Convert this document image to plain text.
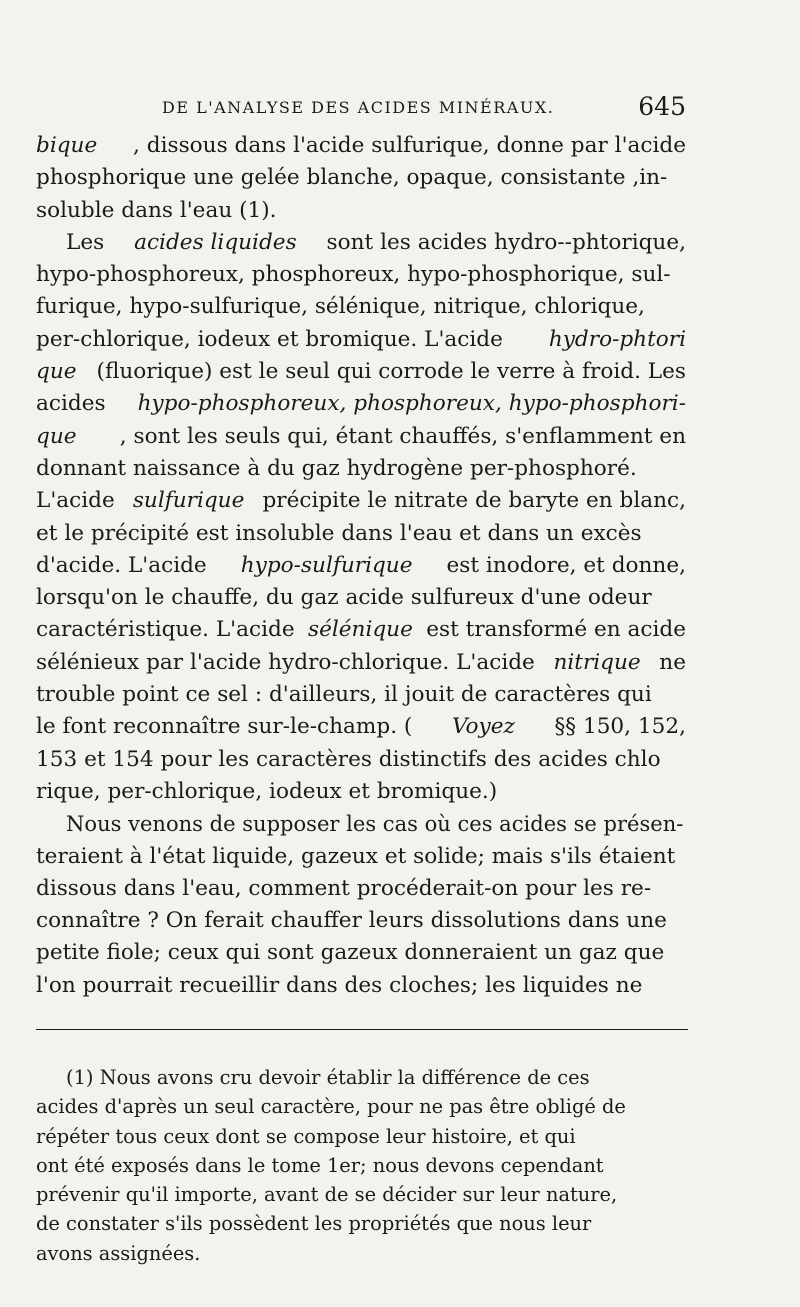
DE L'ANALYSE DES ACIDES MINÉRAUX.	645
bique , dissous dans l'acide sulfurique, donne par l'acide
phosphorique une gelée blanche, opaque, consistante ,in-
soluble dans l'eau (1).
Les acides liquides sont les acides hydro--phtorique,
hypo-phosphoreux, phosphoreux, hypo-phosphorique, sul-
furique, hypo-sulfurique, sélénique, nitrique, chlorique,
per-chlorique, iodeux et bromique. L'acide hydro-phtori
que (fluorique) est le seul qui corrode le verre à froid. Les
acides hypo-phosphoreux, phosphoreux, hypo-phosphori-
que , sont les seuls qui, étant chauffés, s'enflamment en
donnant naissance à du gaz hydrogène per-phosphoré.
L'acide sulfurique précipite le nitrate de baryte en blanc,
et le précipité est insoluble dans l'eau et dans un excès
d'acide. L'acide hypo-sulfurique est inodore, et donne,
lorsqu'on le chauffe, du gaz acide sulfureux d'une odeur
caractéristique. L'acide sélénique est transformé en acide
sélénieux par l'acide hydro-chlorique. L'acide nitrique ne
trouble point ce sel : d'ailleurs, il jouit de caractères qui
le font reconnaître sur-le-champ. ( Voyez §§ 150, 152,
153 et 154 pour les caractères distinctifs des acides chlo
rique, per-chlorique, iodeux et bromique.)
Nous venons de supposer les cas où ces acides se présen-
teraient à l'état liquide, gazeux et solide; mais s'ils étaient
dissous dans l'eau, comment procéderait-on pour les re-
connaître ? On ferait chauffer leurs dissolutions dans une
petite fiole; ceux qui sont gazeux donneraient un gaz que
l'on pourrait recueillir dans des cloches; les liquides ne
(1) Nous avons cru devoir établir la différence de ces
acides d'après un seul caractère, pour ne pas être obligé de
répéter tous ceux dont se compose leur histoire, et qui
ont été exposés dans le tome 1er; nous devons cependant
prévenir qu'il importe, avant de se décider sur leur nature,
de constater s'ils possèdent les propriétés que nous leur
avons assignées.
